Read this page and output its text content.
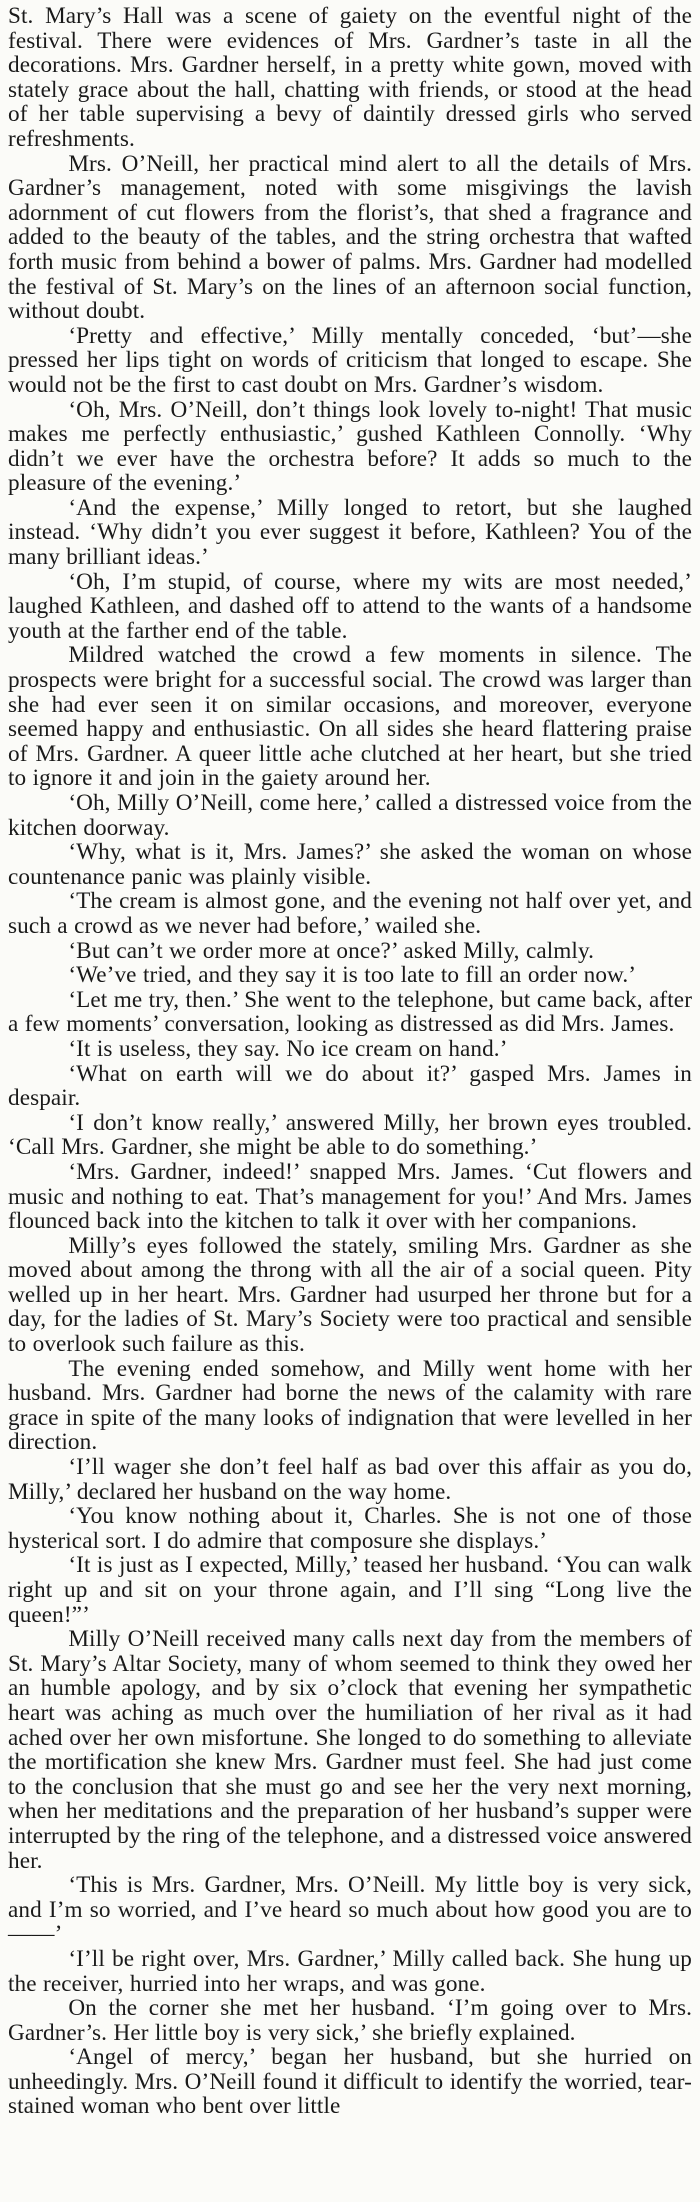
St. Mary’s Hall was a scene of gaiety on the eventful night of the festival. There were evidences of Mrs. Gardner’s taste in all the decorations. Mrs. Gardner herself, in a pretty white gown, moved with stately grace about the hall, chatting with friends, or stood at the head of her table supervising a bevy of daintily dressed girls who served refreshments.

Mrs. O’Neill, her practical mind alert to all the details of Mrs. Gardner’s management, noted with some misgivings the lavish adornment of cut flowers from the florist’s, that shed a fragrance and added to the beauty of the tables, and the string orchestra that wafted forth music from behind a bower of palms. Mrs. Gardner had modelled the festival of St. Mary’s on the lines of an afternoon social function, without doubt.

‘Pretty and effective,’ Milly mentally conceded, ‘but’—she pressed her lips tight on words of criticism that longed to escape. She would not be the first to cast doubt on Mrs. Gardner’s wisdom.

‘Oh, Mrs. O’Neill, don’t things look lovely to-night! That music makes me perfectly enthusiastic,’ gushed Kathleen Connolly. ‘Why didn’t we ever have the orchestra before? It adds so much to the pleasure of the evening.’

‘And the expense,’ Milly longed to retort, but she laughed instead. ‘Why didn’t you ever suggest it before, Kathleen? You of the many brilliant ideas.’

‘Oh, I’m stupid, of course, where my wits are most needed,’ laughed Kathleen, and dashed off to attend to the wants of a handsome youth at the farther end of the table.

Mildred watched the crowd a few moments in silence. The prospects were bright for a successful social. The crowd was larger than she had ever seen it on similar occasions, and moreover, everyone seemed happy and enthusiastic. On all sides she heard flattering praise of Mrs. Gardner. A queer little ache clutched at her heart, but she tried to ignore it and join in the gaiety around her.

‘Oh, Milly O’Neill, come here,’ called a distressed voice from the kitchen doorway.

‘Why, what is it, Mrs. James?’ she asked the woman on whose countenance panic was plainly visible.

‘The cream is almost gone, and the evening not half over yet, and such a crowd as we never had before,’ wailed she.

‘But can’t we order more at once?’ asked Milly, calmly.

‘We’ve tried, and they say it is too late to fill an order now.’

‘Let me try, then.’ She went to the telephone, but came back, after a few moments’ conversation, looking as distressed as did Mrs. James.

‘It is useless, they say. No ice cream on hand.’

‘What on earth will we do about it?’ gasped Mrs. James in despair.

‘I don’t know really,’ answered Milly, her brown eyes troubled. ‘Call Mrs. Gardner, she might be able to do something.’

‘Mrs. Gardner, indeed!’ snapped Mrs. James. ‘Cut flowers and music and nothing to eat. That’s management for you!’ And Mrs. James flounced back into the kitchen to talk it over with her companions.

Milly’s eyes followed the stately, smiling Mrs. Gardner as she moved about among the throng with all the air of a social queen. Pity welled up in her heart. Mrs. Gardner had usurped her throne but for a day, for the ladies of St. Mary’s Society were too practical and sensible to overlook such failure as this.

The evening ended somehow, and Milly went home with her husband. Mrs. Gardner had borne the news of the calamity with rare grace in spite of the many looks of indignation that were levelled in her direction.

‘I’ll wager she don’t feel half as bad over this affair as you do, Milly,’ declared her husband on the way home.

‘You know nothing about it, Charles. She is not one of those hysterical sort. I do admire that composure she displays.’

‘It is just as I expected, Milly,’ teased her husband. ‘You can walk right up and sit on your throne again, and I’ll sing “Long live the queen!”’

Milly O’Neill received many calls next day from the members of St. Mary’s Altar Society, many of whom seemed to think they owed her an humble apology, and by six o’clock that evening her sympathetic heart was aching as much over the humiliation of her rival as it had ached over her own misfortune. She longed to do something to alleviate the mortification she knew Mrs. Gardner must feel. She had just come to the conclusion that she must go and see her the very next morning, when her meditations and the preparation of her husband’s supper were interrupted by the ring of the telephone, and a distressed voice answered her.

‘This is Mrs. Gardner, Mrs. O’Neill. My little boy is very sick, and I’m so worried, and I’ve heard so much about how good you are to——’

‘I’ll be right over, Mrs. Gardner,’ Milly called back. She hung up the receiver, hurried into her wraps, and was gone.

On the corner she met her husband. ‘I’m going over to Mrs. Gardner’s. Her little boy is very sick,’ she briefly explained.

‘Angel of mercy,’ began her husband, but she hurried on unheedingly. Mrs. O’Neill found it difficult to identify the worried, tear-stained woman who bent over little
